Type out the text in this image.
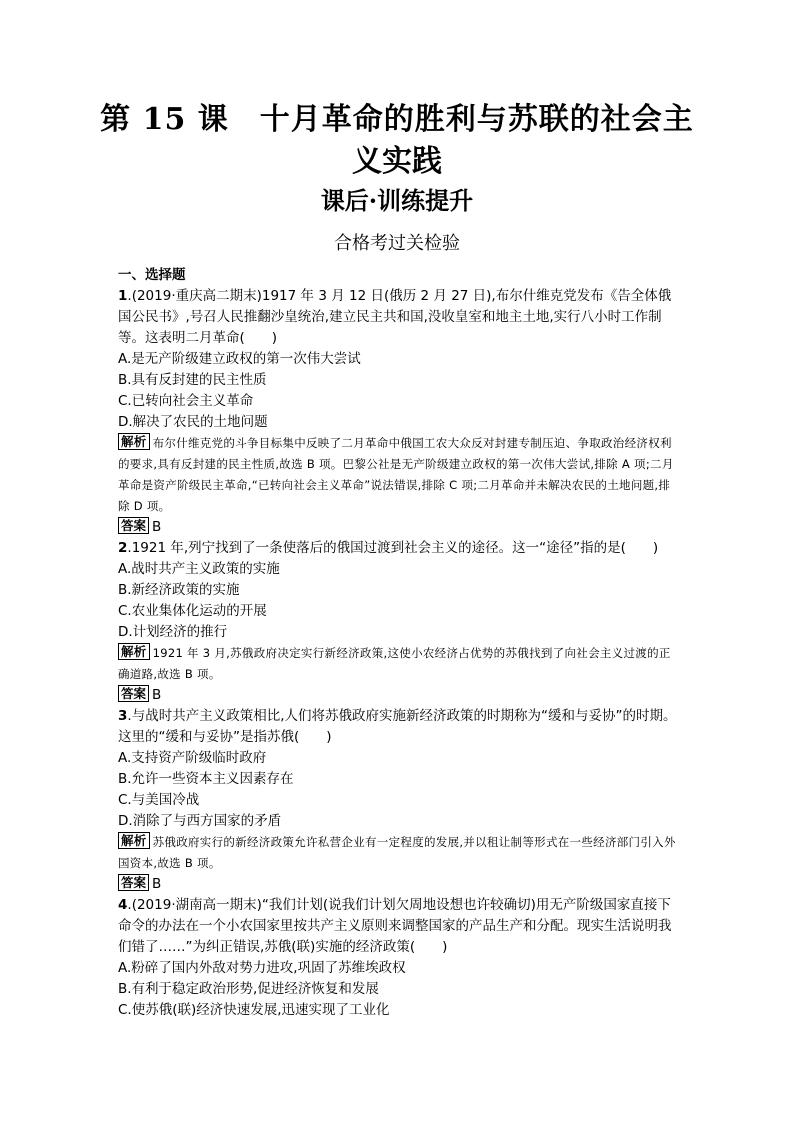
第 15 课　十月革命的胜利与苏联的社会主
义实践
课后·训练提升
合格考过关检验

一、选择题

1.(2019·重庆高二期末)1917 年 3 月 12 日(俄历 2 月 27 日),布尔什维克党发布《告全体俄国公民书》,号召人民推翻沙皇统治,建立民主共和国,没收皇室和地主土地,实行八小时工作制等。这表明二月革命(　　)

A.是无产阶级建立政权的第一次伟大尝试

B.具有反封建的民主性质

C.已转向社会主义革命

D.解决了农民的土地问题

解析 布尔什维克党的斗争目标集中反映了二月革命中俄国工农大众反对封建专制压迫、争取政治经济权利的要求,具有反封建的民主性质,故选 B 项。巴黎公社是无产阶级建立政权的第一次伟大尝试,排除 A 项;二月革命是资产阶级民主革命,“已转向社会主义革命”说法错误,排除 C 项;二月革命并未解决农民的土地问题,排除 D 项。

答案 B

2.1921 年,列宁找到了一条使落后的俄国过渡到社会主义的途径。这一“途径”指的是(　　)

A.战时共产主义政策的实施

B.新经济政策的实施

C.农业集体化运动的开展

D.计划经济的推行

解析 1921 年 3 月,苏俄政府决定实行新经济政策,这使小农经济占优势的苏俄找到了向社会主义过渡的正确道路,故选 B 项。

答案 B

3.与战时共产主义政策相比,人们将苏俄政府实施新经济政策的时期称为“缓和与妥协”的时期。这里的“缓和与妥协”是指苏俄(　　)

A.支持资产阶级临时政府

B.允许一些资本主义因素存在

C.与美国冷战

D.消除了与西方国家的矛盾

解析 苏俄政府实行的新经济政策允许私营企业有一定程度的发展,并以租让制等形式在一些经济部门引入外国资本,故选 B 项。

答案 B

4.(2019·湖南高一期末)“我们计划(说我们计划欠周地设想也许较确切)用无产阶级国家直接下命令的办法在一个小农国家里按共产主义原则来调整国家的产品生产和分配。现实生活说明我们错了……”为纠正错误,苏俄(联)实施的经济政策(　　)

A.粉碎了国内外敌对势力进攻,巩固了苏维埃政权

B.有利于稳定政治形势,促进经济恢复和发展

C.使苏俄(联)经济快速发展,迅速实现了工业化
